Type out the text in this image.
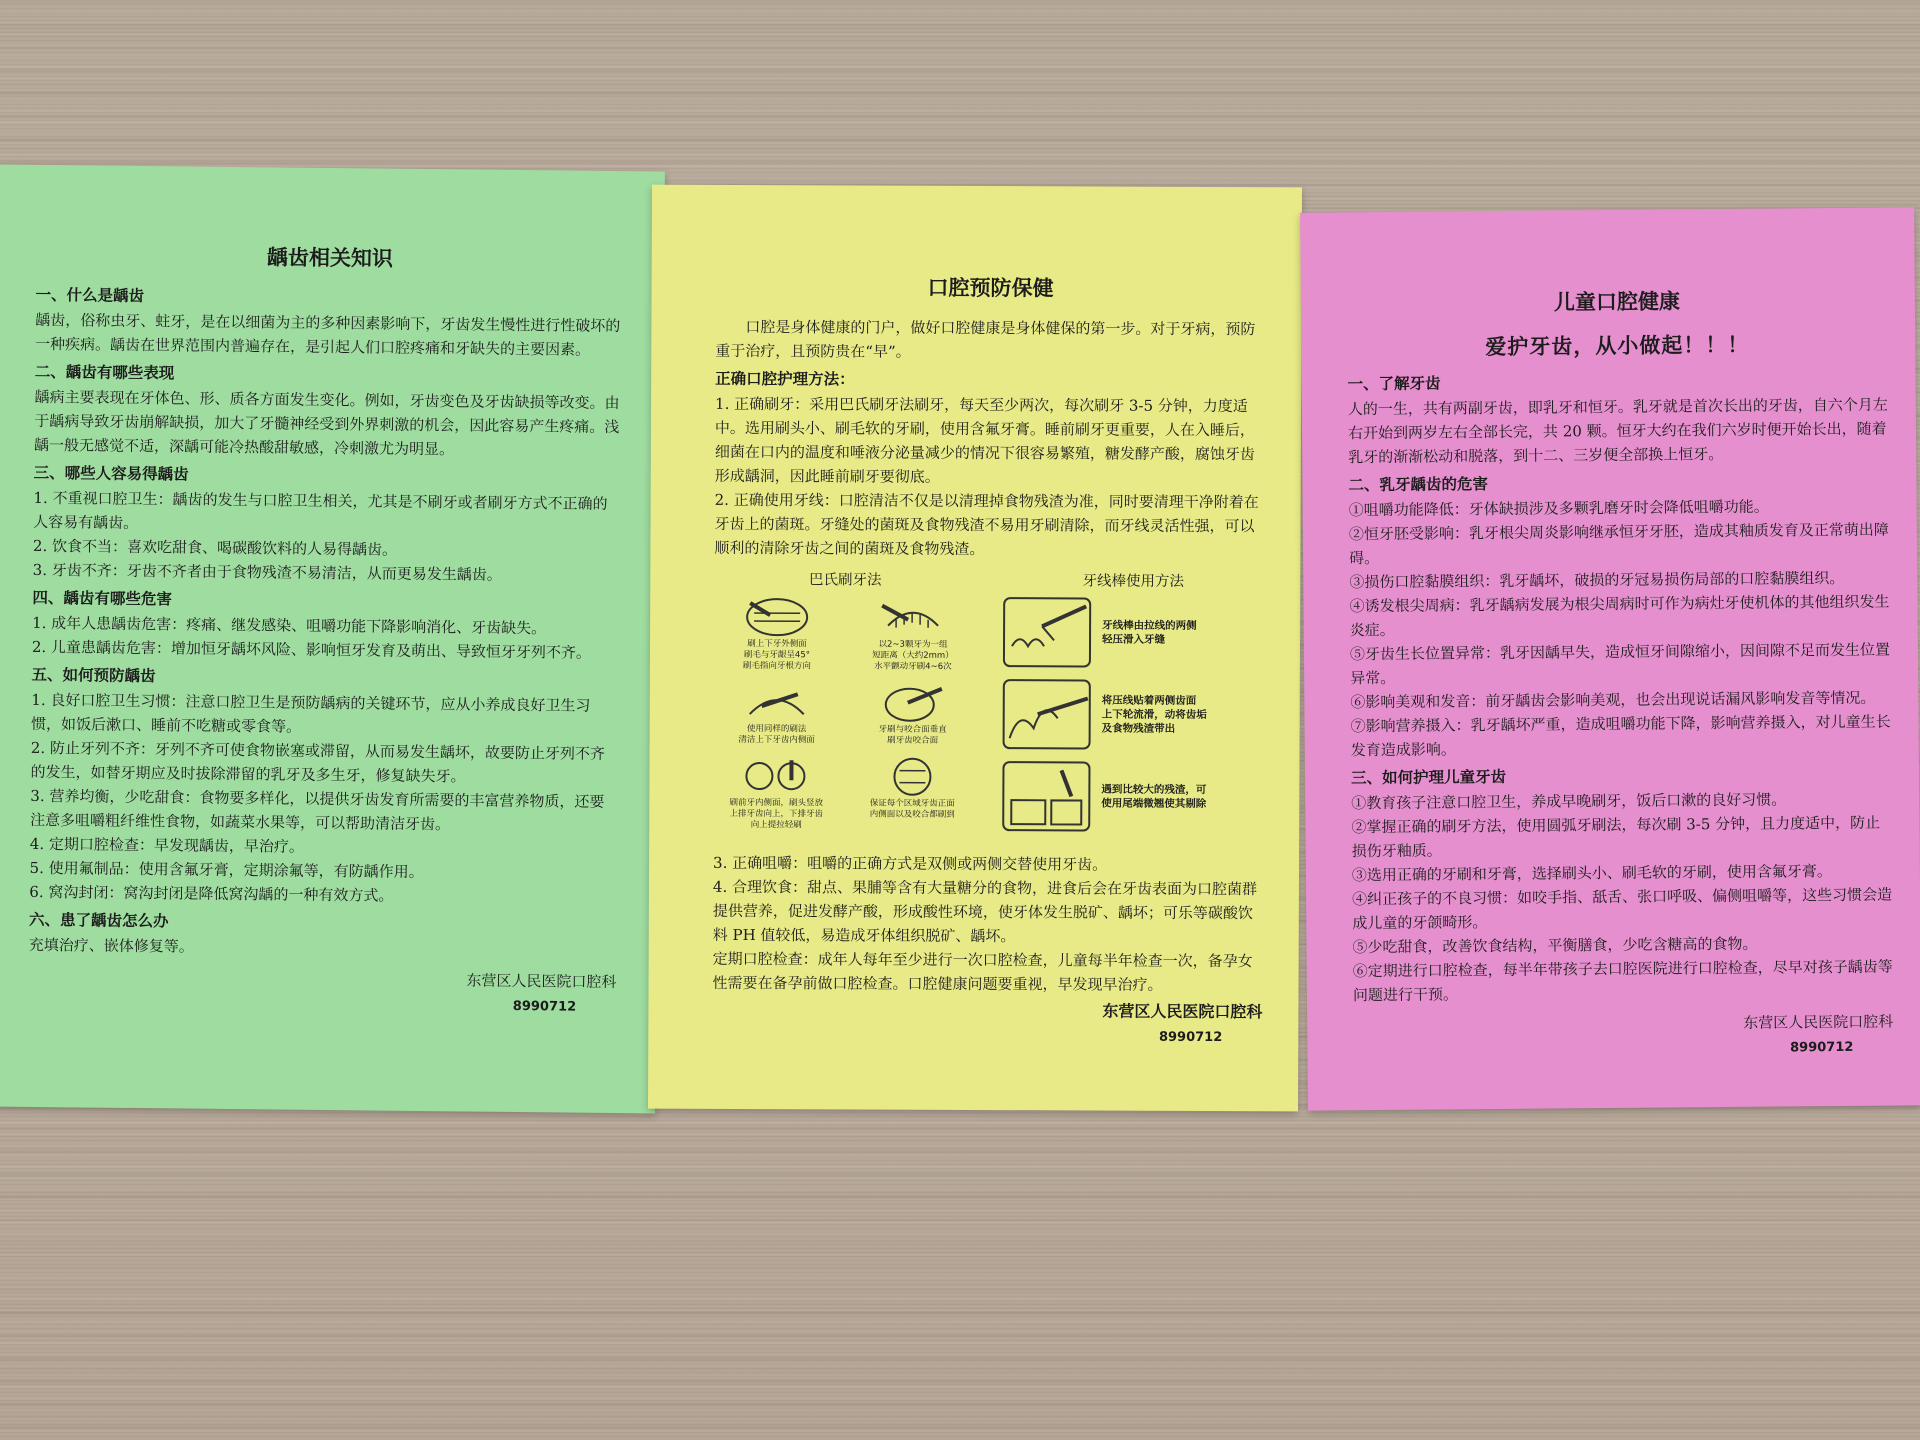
龋齿相关知识
一、什么是龋齿

龋齿，俗称虫牙、蛀牙，是在以细菌为主的多种因素影响下，牙齿发生慢性进行性破坏的一种疾病。龋齿在世界范围内普遍存在，是引起人们口腔疼痛和牙缺失的主要因素。

二、龋齿有哪些表现

龋病主要表现在牙体色、形、质各方面发生变化。例如，牙齿变色及牙齿缺损等改变。由于龋病导致牙齿崩解缺损，加大了牙髓神经受到外界刺激的机会，因此容易产生疼痛。浅龋一般无感觉不适，深龋可能冷热酸甜敏感，冷刺激尤为明显。

三、哪些人容易得龋齿

1. 不重视口腔卫生：龋齿的发生与口腔卫生相关，尤其是不刷牙或者刷牙方式不正确的人容易有龋齿。

2. 饮食不当：喜欢吃甜食、喝碳酸饮料的人易得龋齿。

3. 牙齿不齐：牙齿不齐者由于食物残渣不易清洁，从而更易发生龋齿。

四、龋齿有哪些危害

1. 成年人患龋齿危害：疼痛、继发感染、咀嚼功能下降影响消化、牙齿缺失。

2. 儿童患龋齿危害：增加恒牙龋坏风险、影响恒牙发育及萌出、导致恒牙牙列不齐。

五、如何预防龋齿

1. 良好口腔卫生习惯：注意口腔卫生是预防龋病的关键环节，应从小养成良好卫生习惯，如饭后漱口、睡前不吃糖或零食等。

2. 防止牙列不齐：牙列不齐可使食物嵌塞或滞留，从而易发生龋坏，故要防止牙列不齐的发生，如替牙期应及时拔除滞留的乳牙及多生牙，修复缺失牙。

3. 营养均衡，少吃甜食：食物要多样化，以提供牙齿发育所需要的丰富营养物质，还要注意多咀嚼粗纤维性食物，如蔬菜水果等，可以帮助清洁牙齿。

4. 定期口腔检查：早发现龋齿，早治疗。

5. 使用氟制品：使用含氟牙膏，定期涂氟等，有防龋作用。

6. 窝沟封闭：窝沟封闭是降低窝沟龋的一种有效方式。

六、患了龋齿怎么办

充填治疗、嵌体修复等。

东营区人民医院口腔科
8990712
口腔预防保健

口腔是身体健康的门户，做好口腔健康是身体健保的第一步。对于牙病，预防重于治疗，且预防贵在“早”。

正确口腔护理方法：

1. 正确刷牙：采用巴氏刷牙法刷牙，每天至少两次，每次刷牙 3-5 分钟，力度适中。选用刷头小、刷毛软的牙刷，使用含氟牙膏。睡前刷牙更重要，人在入睡后，细菌在口内的温度和唾液分泌量减少的情况下很容易繁殖，糖发酵产酸，腐蚀牙齿形成龋洞，因此睡前刷牙要彻底。

2. 正确使用牙线：口腔清洁不仅是以清理掉食物残渣为准，同时要清理干净附着在牙齿上的菌斑。牙缝处的菌斑及食物残渣不易用牙刷清除，而牙线灵活性强，可以顺利的清除牙齿之间的菌斑及食物残渣。

巴氏刷牙法
刷上下牙外侧面
刷毛与牙龈呈45°
刷毛指向牙根方向
以2~3颗牙为一组
短距离（大约2mm）
水平颤动牙刷4~6次
使用同样的刷法
清洁上下牙齿内侧面
牙刷与咬合面垂直
刷牙齿咬合面
刷前牙内侧面，刷头竖放
上排牙齿向上，下排牙齿
向上提拉轻刷
保证每个区域牙齿正面
内侧面以及咬合都刷到
牙线棒使用方法
牙线棒由拉线的两侧
轻压滑入牙缝
将压线贴着两侧齿面
上下轮流滑，动将齿垢
及食物残渣带出
遇到比较大的残渣，可
使用尾端微翘使其剔除

3. 正确咀嚼：咀嚼的正确方式是双侧或两侧交替使用牙齿。

4. 合理饮食：甜点、果脯等含有大量糖分的食物，进食后会在牙齿表面为口腔菌群提供营养，促进发酵产酸，形成酸性环境，使牙体发生脱矿、龋坏；可乐等碳酸饮料 PH 值较低，易造成牙体组织脱矿、龋坏。

定期口腔检查：成年人每年至少进行一次口腔检查，儿童每半年检查一次，备孕女性需要在备孕前做口腔检查。口腔健康问题要重视，早发现早治疗。

东营区人民医院口腔科
8990712
儿童口腔健康
爱护牙齿，从小做起！！！
一、了解牙齿

人的一生，共有两副牙齿，即乳牙和恒牙。乳牙就是首次长出的牙齿，自六个月左右开始到两岁左右全部长完，共 20 颗。恒牙大约在我们六岁时便开始长出，随着乳牙的渐渐松动和脱落，到十二、三岁便全部换上恒牙。

二、乳牙龋齿的危害

①咀嚼功能降低：牙体缺损涉及多颗乳磨牙时会降低咀嚼功能。

②恒牙胚受影响：乳牙根尖周炎影响继承恒牙牙胚，造成其釉质发育及正常萌出障碍。

③损伤口腔黏膜组织：乳牙龋坏，破损的牙冠易损伤局部的口腔黏膜组织。

④诱发根尖周病：乳牙龋病发展为根尖周病时可作为病灶牙使机体的其他组织发生炎症。

⑤牙齿生长位置异常：乳牙因龋早失，造成恒牙间隙缩小，因间隙不足而发生位置异常。

⑥影响美观和发音：前牙龋齿会影响美观，也会出现说话漏风影响发音等情况。

⑦影响营养摄入：乳牙龋坏严重，造成咀嚼功能下降，影响营养摄入，对儿童生长发育造成影响。

三、如何护理儿童牙齿

①教育孩子注意口腔卫生，养成早晚刷牙，饭后口漱的良好习惯。

②掌握正确的刷牙方法，使用圆弧牙刷法，每次刷 3-5 分钟，且力度适中，防止损伤牙釉质。

③选用正确的牙刷和牙膏，选择刷头小、刷毛软的牙刷，使用含氟牙膏。

④纠正孩子的不良习惯：如咬手指、舐舌、张口呼吸、偏侧咀嚼等，这些习惯会造成儿童的牙颌畸形。

⑤少吃甜食，改善饮食结构，平衡膳食，少吃含糖高的食物。

⑥定期进行口腔检查，每半年带孩子去口腔医院进行口腔检查，尽早对孩子龋齿等问题进行干预。

东营区人民医院口腔科
8990712
